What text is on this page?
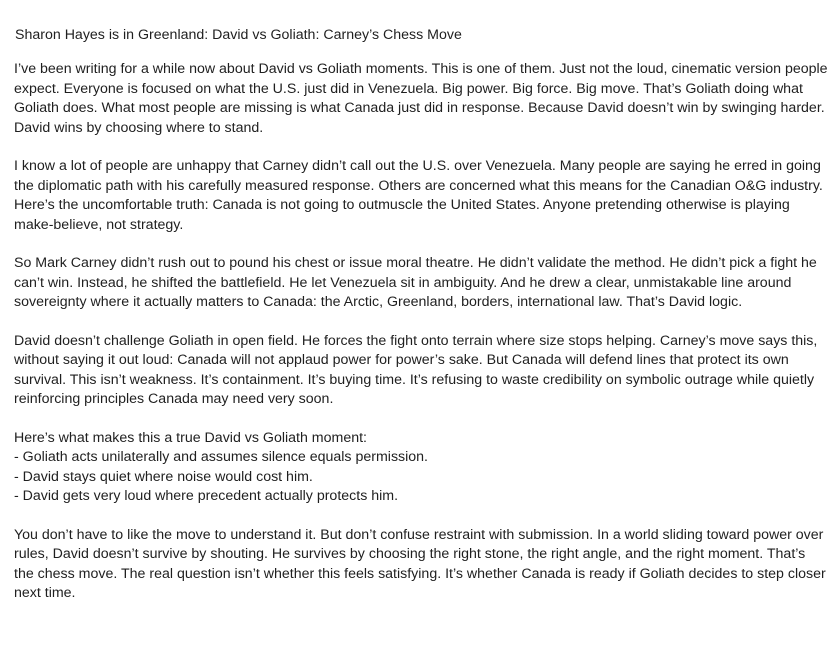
Sharon Hayes is in Greenland: David vs Goliath: Carney’s Chess Move

I’ve been writing for a while now about David vs Goliath moments. This is one of them. Just not the loud, cinematic version people expect. Everyone is focused on what the U.S. just did in Venezuela. Big power. Big force. Big move. That’s Goliath doing what Goliath does. What most people are missing is what Canada just did in response. Because David doesn’t win by swinging harder. David wins by choosing where to stand.

I know a lot of people are unhappy that Carney didn’t call out the U.S. over Venezuela. Many people are saying he erred in going the diplomatic path with his carefully measured response. Others are concerned what this means for the Canadian O&G industry. Here’s the uncomfortable truth: Canada is not going to outmuscle the United States. Anyone pretending otherwise is playing make-believe, not strategy.

So Mark Carney didn’t rush out to pound his chest or issue moral theatre. He didn’t validate the method. He didn’t pick a fight he can’t win. Instead, he shifted the battlefield. He let Venezuela sit in ambiguity. And he drew a clear, unmistakable line around sovereignty where it actually matters to Canada: the Arctic, Greenland, borders, international law. That’s David logic.

David doesn’t challenge Goliath in open field. He forces the fight onto terrain where size stops helping. Carney’s move says this, without saying it out loud: Canada will not applaud power for power’s sake. But Canada will defend lines that protect its own survival. This isn’t weakness. It’s containment. It’s buying time. It’s refusing to waste credibility on symbolic outrage while quietly reinforcing principles Canada may need very soon.

Here’s what makes this a true David vs Goliath moment:

- Goliath acts unilaterally and assumes silence equals permission.
- David stays quiet where noise would cost him.
- David gets very loud where precedent actually protects him.

You don’t have to like the move to understand it. But don’t confuse restraint with submission. In a world sliding toward power over rules, David doesn’t survive by shouting. He survives by choosing the right stone, the right angle, and the right moment. That’s the chess move. The real question isn’t whether this feels satisfying. It’s whether Canada is ready if Goliath decides to step closer next time.
